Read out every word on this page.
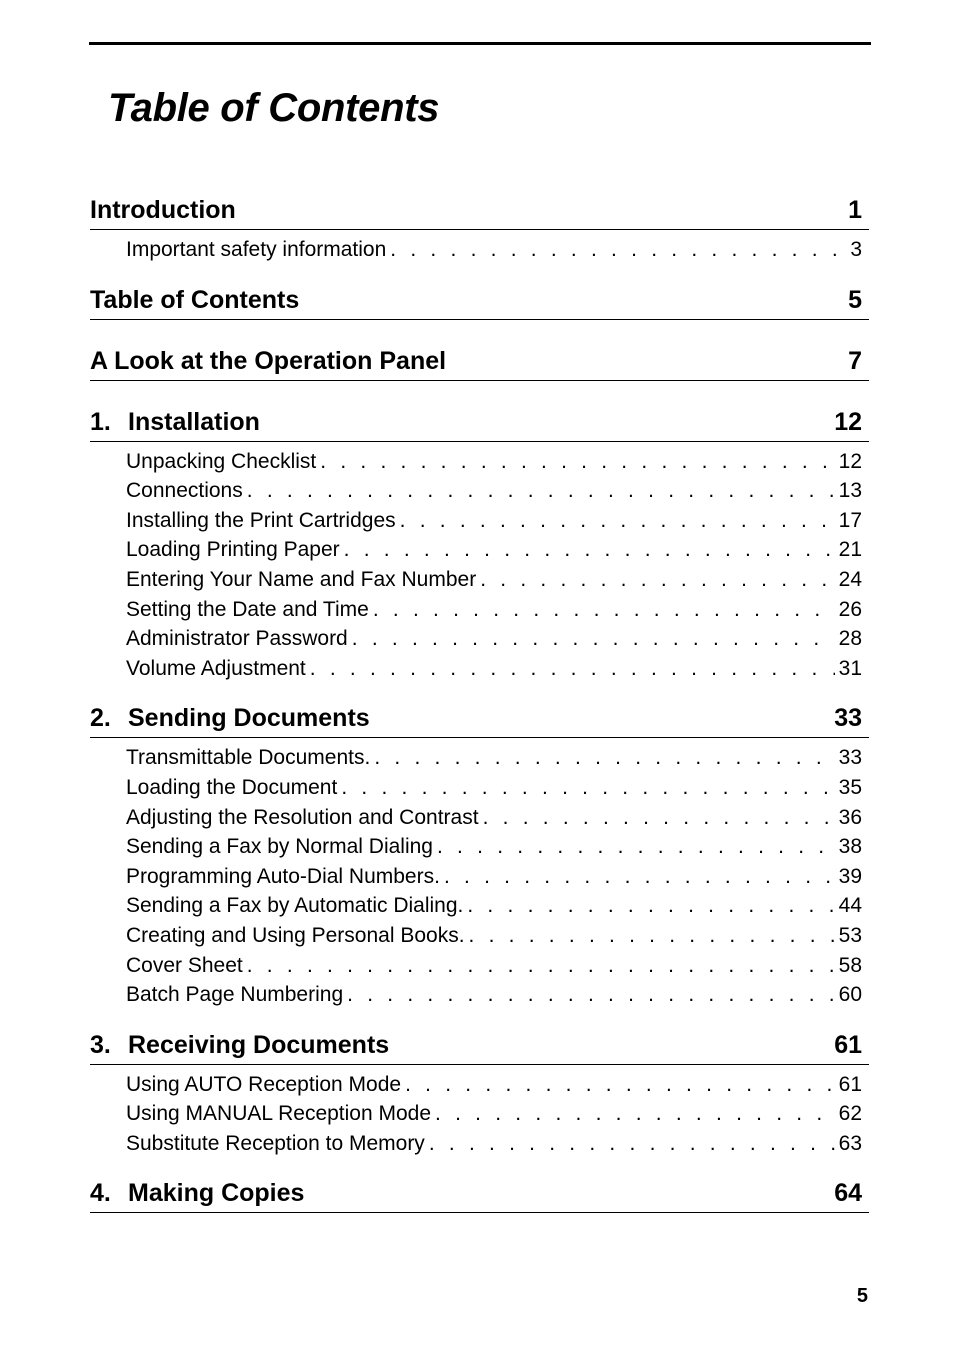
Table of Contents
Introduction	1
Important safety information . . .	3
Table of Contents	5
A Look at the Operation Panel	7
1. Installation	12
Unpacking Checklist . . .	12
Connections . . .	13
Installing the Print Cartridges . . .	17
Loading Printing Paper . . .	21
Entering Your Name and Fax Number . . .	24
Setting the Date and Time . . .	26
Administrator Password . . .	28
Volume Adjustment . . .	31
2. Sending Documents	33
Transmittable Documents. . . .	33
Loading the Document . . .	35
Adjusting the Resolution and Contrast . . .	36
Sending a Fax by Normal Dialing . . .	38
Programming Auto-Dial Numbers. . . .	39
Sending a Fax by Automatic Dialing. . . .	44
Creating and Using Personal Books. . . .	53
Cover Sheet . . .	58
Batch Page Numbering . . .	60
3. Receiving Documents	61
Using AUTO Reception Mode . . .	61
Using MANUAL Reception Mode . . .	62
Substitute Reception to Memory . . .	63
4. Making Copies	64
5
